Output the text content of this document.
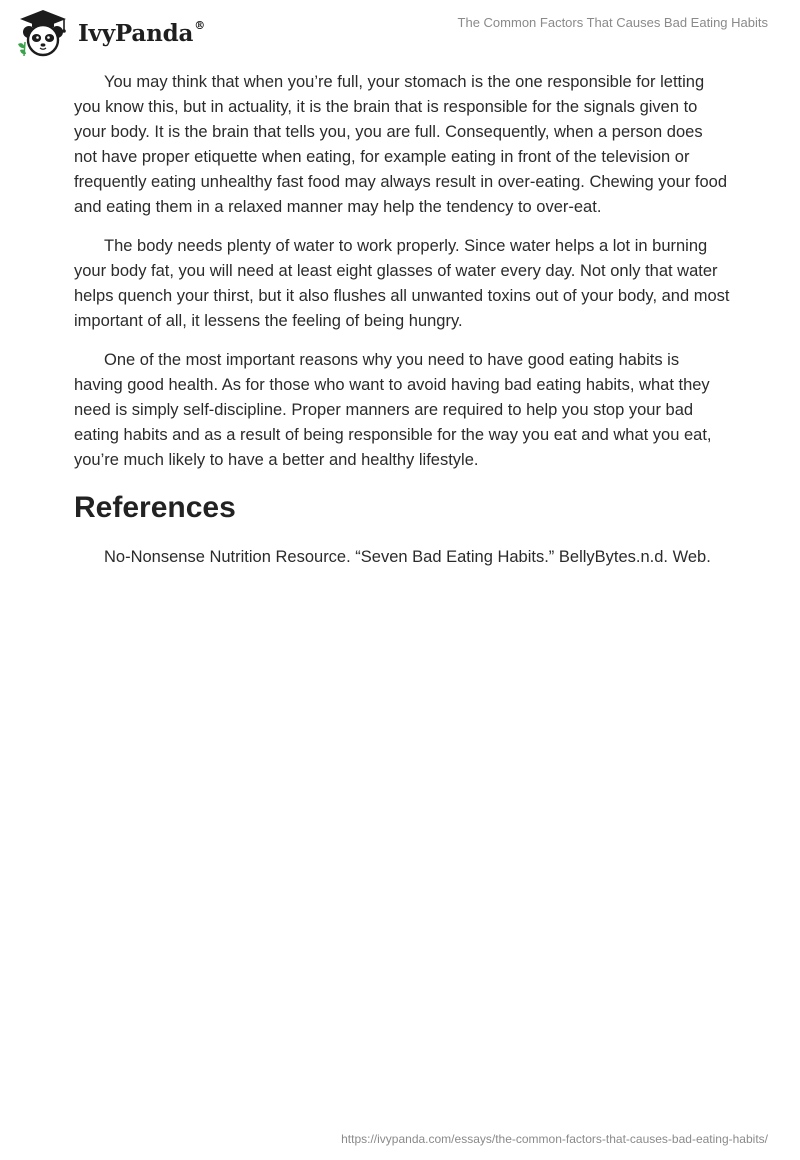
IvyPanda®	The Common Factors That Causes Bad Eating Habits

You may think that when you’re full, your stomach is the one responsible for letting you know this, but in actuality, it is the brain that is responsible for the signals given to your body. It is the brain that tells you, you are full. Consequently, when a person does not have proper etiquette when eating, for example eating in front of the television or frequently eating unhealthy fast food may always result in over-eating. Chewing your food and eating them in a relaxed manner may help the tendency to over-eat.

The body needs plenty of water to work properly. Since water helps a lot in burning your body fat, you will need at least eight glasses of water every day. Not only that water helps quench your thirst, but it also flushes all unwanted toxins out of your body, and most important of all, it lessens the feeling of being hungry.

One of the most important reasons why you need to have good eating habits is having good health. As for those who want to avoid having bad eating habits, what they need is simply self-discipline. Proper manners are required to help you stop your bad eating habits and as a result of being responsible for the way you eat and what you eat, you’re much likely to have a better and healthy lifestyle.

References

No-Nonsense Nutrition Resource. “Seven Bad Eating Habits.” BellyBytes.n.d. Web.

https://ivypanda.com/essays/the-common-factors-that-causes-bad-eating-habits/
